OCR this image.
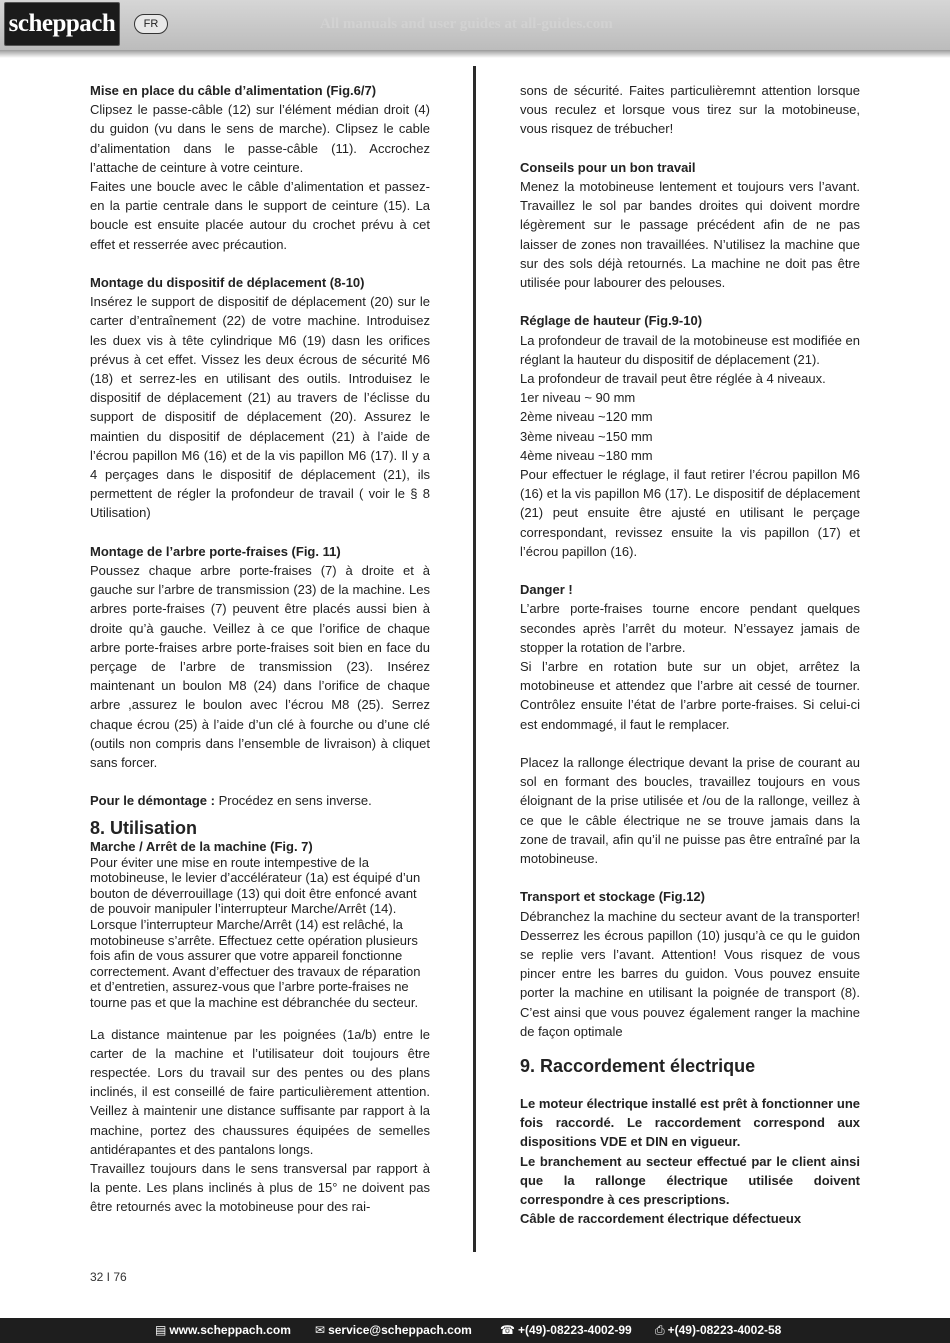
scheppach	FR	All manuals and user guides at all-guides.com

Mise en place du câble d’alimentation (Fig.6/7)

Clipsez le passe-câble (12) sur l’élément médian droit (4) du guidon (vu dans le sens de marche). Clipsez le cable d’alimentation dans le passe-câble (11). Accrochez l’attache de ceinture à votre ceinture.

Faites une boucle avec le câble d’alimentation et passez-en la partie centrale dans le support de ceinture (15). La boucle est ensuite placée autour du crochet prévu à cet effet et resserrée avec précaution.

Montage du dispositif de déplacement (8-10)

Insérez le support de dispositif de déplacement (20) sur le carter d’entraînement (22) de votre machine. Introduisez les duex vis à tête cylindrique M6 (19) dasn les orifices prévus à cet effet. Vissez les deux écrous de sécurité M6 (18) et serrez-les en utilisant des outils. Introduisez le dispositif de déplacement (21) au travers de l’éclisse du support de dispositif de déplacement (20). Assurez le maintien du dispositif de déplacement (21) à l’aide de l’écrou papillon M6 (16) et de la vis papillon M6 (17). Il y a 4 perçages dans le dispositif de déplacement (21), ils permettent de régler la profondeur de travail ( voir le § 8 Utilisation)

Montage de l’arbre porte-fraises (Fig. 11)

Poussez chaque arbre porte-fraises (7) à droite et à gauche sur l’arbre de transmission (23) de la machine. Les arbres porte-fraises (7) peuvent être placés aussi bien à droite qu’à gauche. Veillez à ce que l’orifice de chaque arbre porte-fraises arbre porte-fraises soit bien en face du perçage de l’arbre de transmission (23). Insérez maintenant un boulon M8 (24) dans l’orifice de chaque arbre ,assurez le boulon avec l’écrou M8 (25). Serrez chaque écrou (25) à l’aide d’un clé à fourche ou d’une clé (outils non compris dans l’ensemble de livraison) à cliquet sans forcer.

Pour le démontage : Procédez en sens inverse.

8. Utilisation

Marche / Arrêt de la machine (Fig. 7)

Pour éviter une mise en route intempestive de la motobineuse, le levier d’accélérateur (1a) est équipé d’un bouton de déverrouillage (13) qui doit être enfoncé avant de pouvoir manipuler l’interrupteur Marche/Arrêt (14). Lorsque l’interrupteur Marche/Arrêt (14) est relâché, la motobineuse s’arrête. Effectuez cette opération plusieurs fois afin de vous assurer que votre appareil fonctionne correctement. Avant d’effectuer des travaux de réparation et d’entretien, assurez-vous que l’arbre porte-fraises ne tourne pas et que la machine est débranchée du secteur.

La distance maintenue par les poignées (1a/b) entre le carter de la machine et l’utilisateur doit toujours être respectée. Lors du travail sur des pentes ou des plans inclinés, il est conseillé de faire particulièrement attention. Veillez à maintenir une distance suffisante par rapport à la machine, portez des chaussures équipées de semelles antidérapantes et des pantalons longs.

Travaillez toujours dans le sens transversal par rapport à la pente. Les plans inclinés à plus de 15° ne doivent pas être retournés avec la motobineuse pour des rai-

sons de sécurité. Faites particulièremnt attention lorsque vous reculez et lorsque vous tirez sur la motobineuse, vous risquez de trébucher!

Conseils pour un bon travail

Menez la motobineuse lentement et toujours vers l’avant. Travaillez le sol par bandes droites qui doivent mordre légèrement sur le passage précédent afin de ne pas laisser de zones non travaillées. N’utilisez la machine que sur des sols déjà retournés. La machine ne doit pas être utilisée pour labourer des pelouses.

Réglage de hauteur (Fig.9-10)

La profondeur de travail de la motobineuse est modifiée en réglant la hauteur du dispositif de déplacement (21).

La profondeur de travail peut être réglée à 4 niveaux.

1er niveau ~ 90 mm

2ème niveau ~120 mm

3ème niveau ~150 mm

4ème niveau ~180 mm

Pour effectuer le réglage, il faut retirer l’écrou papillon M6 (16) et la vis papillon M6 (17). Le dispositif de déplacement (21) peut ensuite être ajusté en utilisant le perçage correspondant, revissez ensuite la vis papillon (17) et l’écrou papillon (16).

Danger !

L’arbre porte-fraises tourne encore pendant quelques secondes après l’arrêt du moteur. N’essayez jamais de stopper la rotation de l’arbre.

Si l’arbre en rotation bute sur un objet, arrêtez la motobineuse et attendez que l’arbre ait cessé de tourner. Contrôlez ensuite l’état de l’arbre porte-fraises. Si celui-ci est endommagé, il faut le remplacer.

Placez la rallonge électrique devant la prise de courant au sol en formant des boucles, travaillez toujours en vous éloignant de la prise utilisée et /ou de la rallonge, veillez à ce que le câble électrique ne se trouve jamais dans la zone de travail, afin qu’il ne puisse pas être entraîné par la motobineuse.

Transport et stockage (Fig.12)

Débranchez la machine du secteur avant de la transporter! Desserrez les écrous papillon (10) jusqu’à ce qu le guidon se replie vers l’avant. Attention! Vous risquez de vous pincer entre les barres du guidon. Vous pouvez ensuite porter la machine en utilisant la poignée de transport (8). C’est ainsi que vous pouvez également ranger la machine de façon optimale

9. Raccordement électrique

Le moteur électrique installé est prêt à fonctionner une fois raccordé. Le raccordement correspond aux dispositions VDE et DIN en vigueur.

Le branchement au secteur effectué par le client ainsi que la rallonge électrique utilisée doivent correspondre à ces prescriptions.

Câble de raccordement électrique défectueux

32 I 76
▤ www.scheppach.com ✉ service@scheppach.com ☎ +(49)-08223-4002-99 ⎙ +(49)-08223-4002-58
